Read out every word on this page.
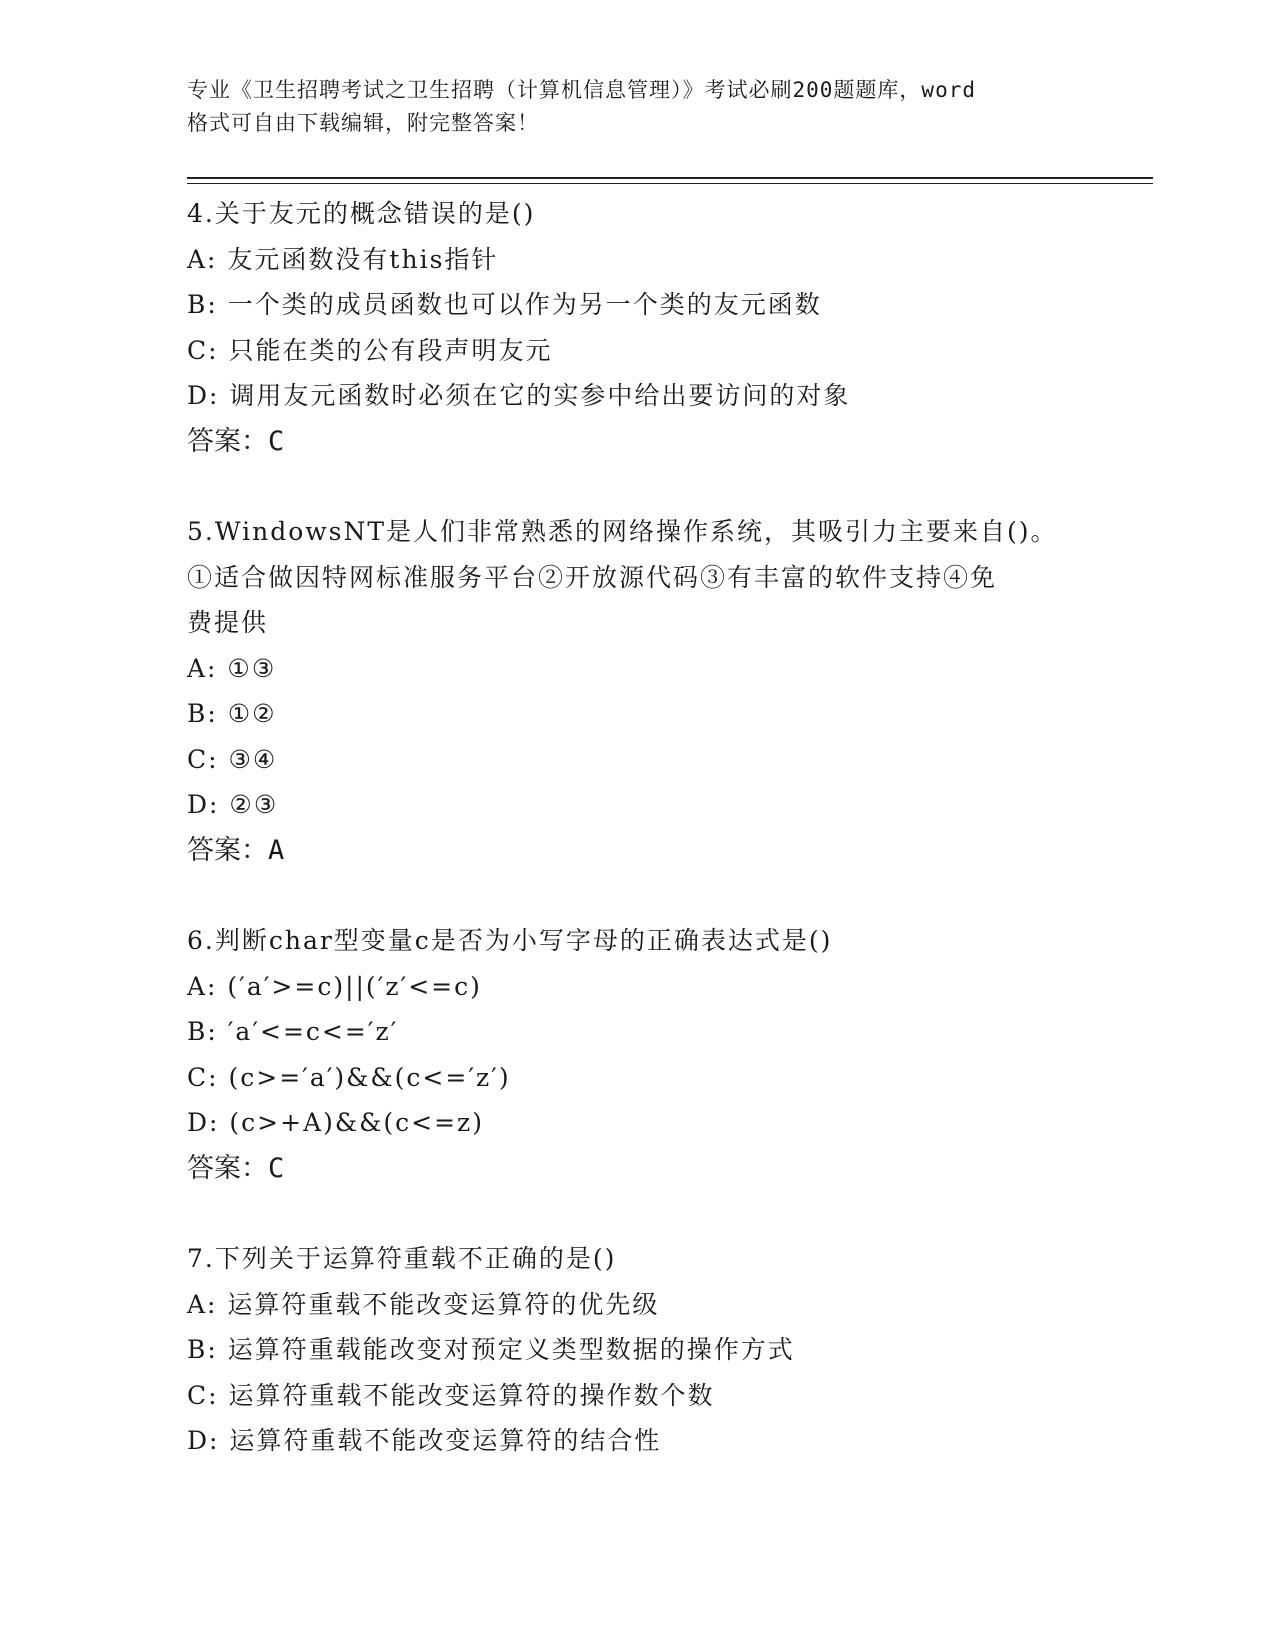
专业《卫生招聘考试之卫生招聘（计算机信息管理）》考试必刷200题题库，word
格式可自由下载编辑，附完整答案！
4.关于友元的概念错误的是()
A: 友元函数没有this指针
B: 一个类的成员函数也可以作为另一个类的友元函数
C: 只能在类的公有段声明友元
D: 调用友元函数时必须在它的实参中给出要访问的对象
答案：C
5.WindowsNT是人们非常熟悉的网络操作系统，其吸引力主要来自()。
①适合做因特网标准服务平台②开放源代码③有丰富的软件支持④免
费提供
A: ①③
B: ①②
C: ③④
D: ②③
答案：A
6.判断char型变量c是否为小写字母的正确表达式是()
A: (′a′>=c)||(′z′<=c)
B: ′a′<=c<=′z′
C: (c>=′a′)&&(c<=′z′)
D: (c>+A)&&(c<=z)
答案：C
7.下列关于运算符重载不正确的是()
A: 运算符重载不能改变运算符的优先级
B: 运算符重载能改变对预定义类型数据的操作方式
C: 运算符重载不能改变运算符的操作数个数
D: 运算符重载不能改变运算符的结合性
